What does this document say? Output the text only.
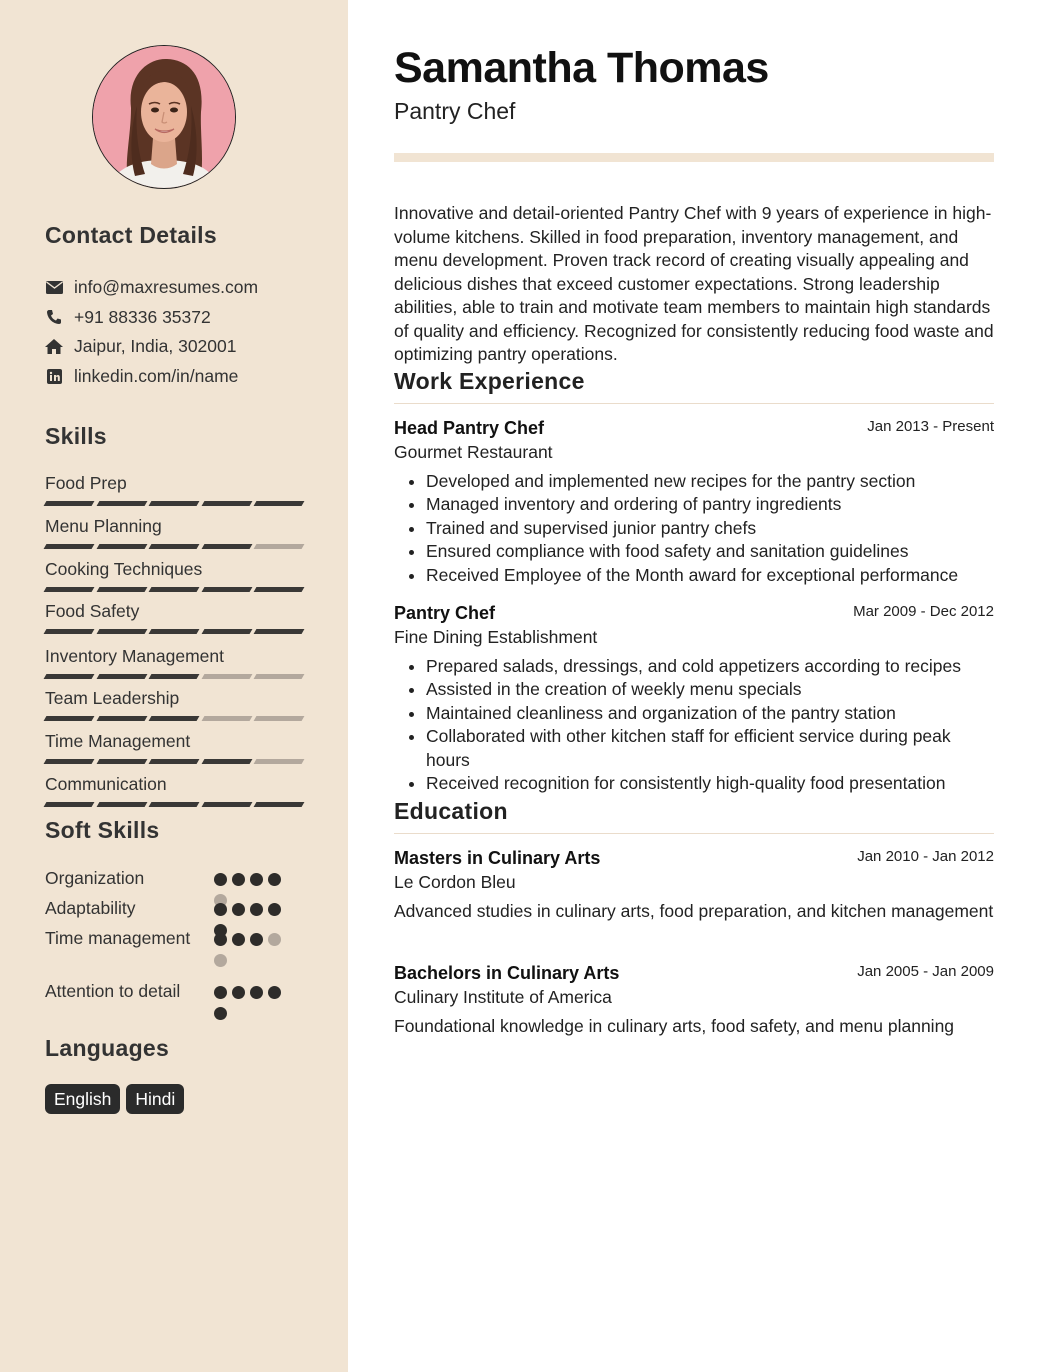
Contact Details
info@maxresumes.com
+91 88336 35372
Jaipur, India, 302001
linkedin.com/in/name
Skills
Food Prep
Menu Planning
Cooking Techniques
Food Safety
Inventory Management
Team Leadership
Time Management
Communication
Soft Skills
Organization
Adaptability
Time management
Attention to detail
Languages
English	Hindi
Samantha Thomas
Pantry Chef

Innovative and detail-oriented Pantry Chef with 9 years of experience in high-volume kitchens. Skilled in food preparation, inventory management, and menu development. Proven track record of creating visually appealing and delicious dishes that exceed customer expectations. Strong leadership abilities, able to train and motivate team members to maintain high standards of quality and efficiency. Recognized for consistently reducing food waste and optimizing pantry operations.

Work Experience
Head Pantry Chef	Jan 2013 - Present
Gourmet Restaurant
• Developed and implemented new recipes for the pantry section
• Managed inventory and ordering of pantry ingredients
• Trained and supervised junior pantry chefs
• Ensured compliance with food safety and sanitation guidelines
• Received Employee of the Month award for exceptional performance
Pantry Chef	Mar 2009 - Dec 2012
Fine Dining Establishment
• Prepared salads, dressings, and cold appetizers according to recipes
• Assisted in the creation of weekly menu specials
• Maintained cleanliness and organization of the pantry station
• Collaborated with other kitchen staff for efficient service during peak hours
• Received recognition for consistently high-quality food presentation
Education
Masters in Culinary Arts	Jan 2010 - Jan 2012
Le Cordon Bleu
Advanced studies in culinary arts, food preparation, and kitchen management
Bachelors in Culinary Arts	Jan 2005 - Jan 2009
Culinary Institute of America
Foundational knowledge in culinary arts, food safety, and menu planning
